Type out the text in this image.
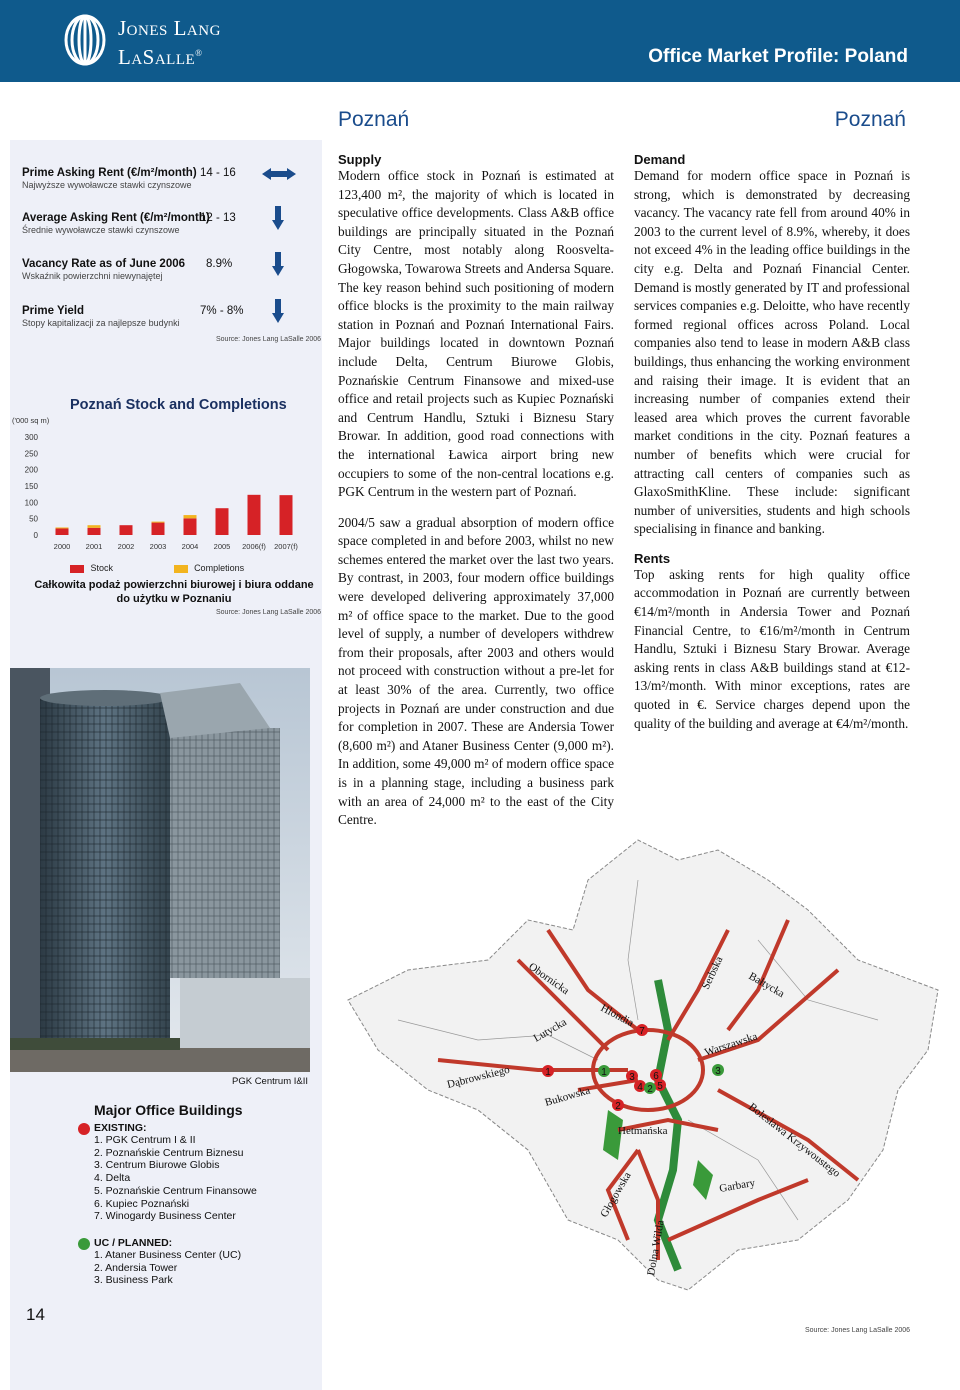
Jones Lang
LaSalle®	Office Market Profile: Poland
Poznań	Poznań
Prime Asking Rent (€/m²/month)
Najwyższe wywoławcze stawki czynszowe
14 - 16
Average Asking Rent (€/m²/month)
Średnie wywoławcze stawki czynszowe
12 - 13
Vacancy Rate as of June 2006
Wskaźnik powierzchni niewynajętej
8.9%
Prime Yield
Stopy kapitalizacji za najlepsze budynki
7% - 8%
Source: Jones Lang LaSalle 2006
Poznań Stock and Completions
('000 sq m)
300
250
200
150
100
50
0
2000 2001 2002 2003 2004 2005 2006(f) 2007(f)
Stock	Completions
Całkowita podaż powierzchni biurowej i biura oddane do użytku w Poznaniu
Source: Jones Lang LaSalle 2006
PGK Centrum I&II
Major Office Buildings
EXISTING:
1. PGK Centrum I & II
2. Poznańskie Centrum Biznesu
3. Centrum Biurowe Globis
4. Delta
5. Poznańskie Centrum Finansowe
6. Kupiec Poznański
7. Winogardy Business Center
UC / PLANNED:
1. Ataner Business Center (UC)
2. Andersia Tower
3. Business Park
14
Supply

Modern office stock in Poznań is estimated at 123,400 m², the majority of which is located in speculative office developments. Class A&B office buildings are principally situated in the Poznań City Centre, most notably along Roosvelta-Głogowska, Towarowa Streets and Andersa Square. The key reason behind such positioning of modern office blocks is the proximity to the main railway station in Poznań and Poznań International Fairs. Major buildings located in downtown Poznań include Delta, Centrum Biurowe Globis, Poznańskie Centrum Finansowe and mixed-use office and retail projects such as Kupiec Poznański and Centrum Handlu, Sztuki i Biznesu Stary Browar. In addition, good road connections with the international Ławica airport bring new occupiers to some of the non-central locations e.g. PGK Centrum in the western part of Poznań.

2004/5 saw a gradual absorption of modern office space completed in and before 2003, whilst no new schemes entered the market over the last two years. By contrast, in 2003, four modern office buildings were developed delivering approximately 37,000 m² of office space to the market. Due to the good level of supply, a number of developers withdrew from their proposals, after 2003 and others would not proceed with construction without a pre-let for at least 30% of the area. Currently, two office projects in Poznań are under construction and due for completion in 2007. These are Andersia Tower (8,600 m²) and Ataner Business Center (9,000 m²). In addition, some 49,000 m² of modern office space is in a planning stage, including a business park with an area of 24,000 m² to the east of the City Centre.

Demand

Demand for modern office space in Poznań is strong, which is demonstrated by decreasing vacancy. The vacancy rate fell from around 40% in 2003 to the current level of 8.9%, whereby, it does not exceed 4% in the leading office buildings in the city e.g. Delta and Poznań Financial Center. Demand is mostly generated by IT and professional services companies e.g. Deloitte, who have recently formed regional offices across Poland. Local companies also tend to lease in modern A&B class buildings, thus enhancing the working environment and raising their image. It is evident that an increasing number of companies extend their leased area which proves the current favorable market conditions in the city. Poznań features a number of benefits which were crucial for attracting call centers of companies such as GlaxoSmithKline. These include: significant number of universities, students and high schools specialising in finance and banking.

Rents

Top asking rents for high quality office accommodation in Poznań are currently between €14/m²/month in Andersia Tower and Poznań Financial Centre, to €16/m²/month in Centrum Handlu, Sztuki i Biznesu Stary Browar. Average asking rents in class A&B buildings stand at €12-13/m²/month. With minor exceptions, rates are quoted in €. Service charges depend upon the quality of the building and average at €4/m²/month.

Obornicka
Hlondia
Serbska Bałtycka
Lutycka
Warszawska
Dąbrowskiego
Bukowska
Hetmańska	Bolesława Krzywoustego
Głogowska	Garbary
Dolna Wilda
1
2
3
4 5
6
7
1
2
3
Source: Jones Lang LaSalle 2006
